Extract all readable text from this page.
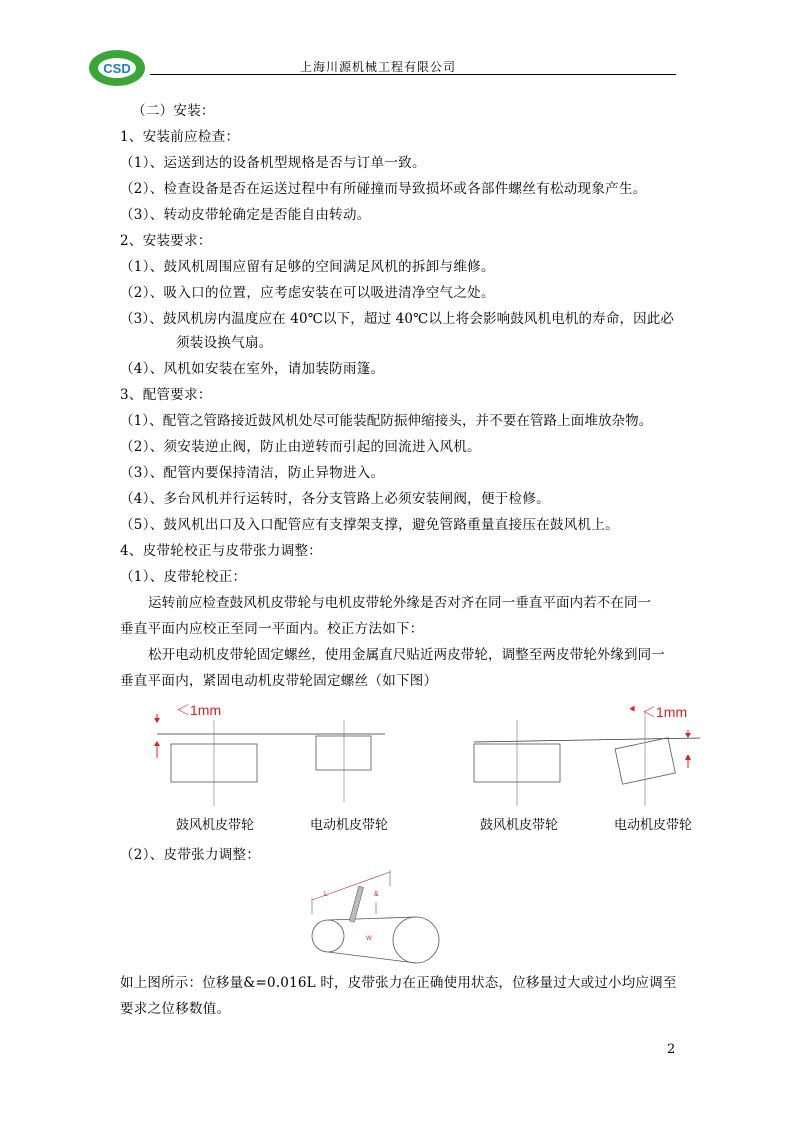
CSD	上海川源机械工程有限公司
（二）安装：
1、安装前应检查：
（1）、运送到达的设备机型规格是否与订单一致。
（2）、检查设备是否在运送过程中有所碰撞而导致损坏或各部件螺丝有松动现象产生。
（3）、转动皮带轮确定是否能自由转动。
2、安装要求：
（1）、鼓风机周围应留有足够的空间满足风机的拆卸与维修。
（2）、吸入口的位置，应考虑安装在可以吸进清净空气之处。
（3）、鼓风机房内温度应在 40℃以下，超过 40℃以上将会影响鼓风机电机的寿命，因此必
须装设换气扇。
（4）、风机如安装在室外，请加装防雨篷。
3、配管要求：
（1）、配管之管路接近鼓风机处尽可能装配防振伸缩接头，并不要在管路上面堆放杂物。
（2）、须安装逆止阀，防止由逆转而引起的回流进入风机。
（3）、配管内要保持清洁，防止异物进入。
（4）、多台风机并行运转时，各分支管路上必须安装闸阀，便于检修。
（5）、鼓风机出口及入口配管应有支撑架支撑，避免管路重量直接压在鼓风机上。
4、皮带轮校正与皮带张力调整：
（1）、皮带轮校正：
运转前应检查鼓风机皮带轮与电机皮带轮外缘是否对齐在同一垂直平面内若不在同一
垂直平面内应校正至同一平面内。校正方法如下：
松开电动机皮带轮固定螺丝，使用金属直尺贴近两皮带轮，调整至两皮带轮外缘到同一
垂直平面内，紧固电动机皮带轮固定螺丝（如下图）
＜1mm	＜1mm
鼓风机皮带轮	电动机皮带轮	鼓风机皮带轮	电动机皮带轮
（2）、皮带张力调整：
L	&
W
如上图所示：位移量&=0.016L 时，皮带张力在正确使用状态，位移量过大或过小均应调至
要求之位移数值。
2
